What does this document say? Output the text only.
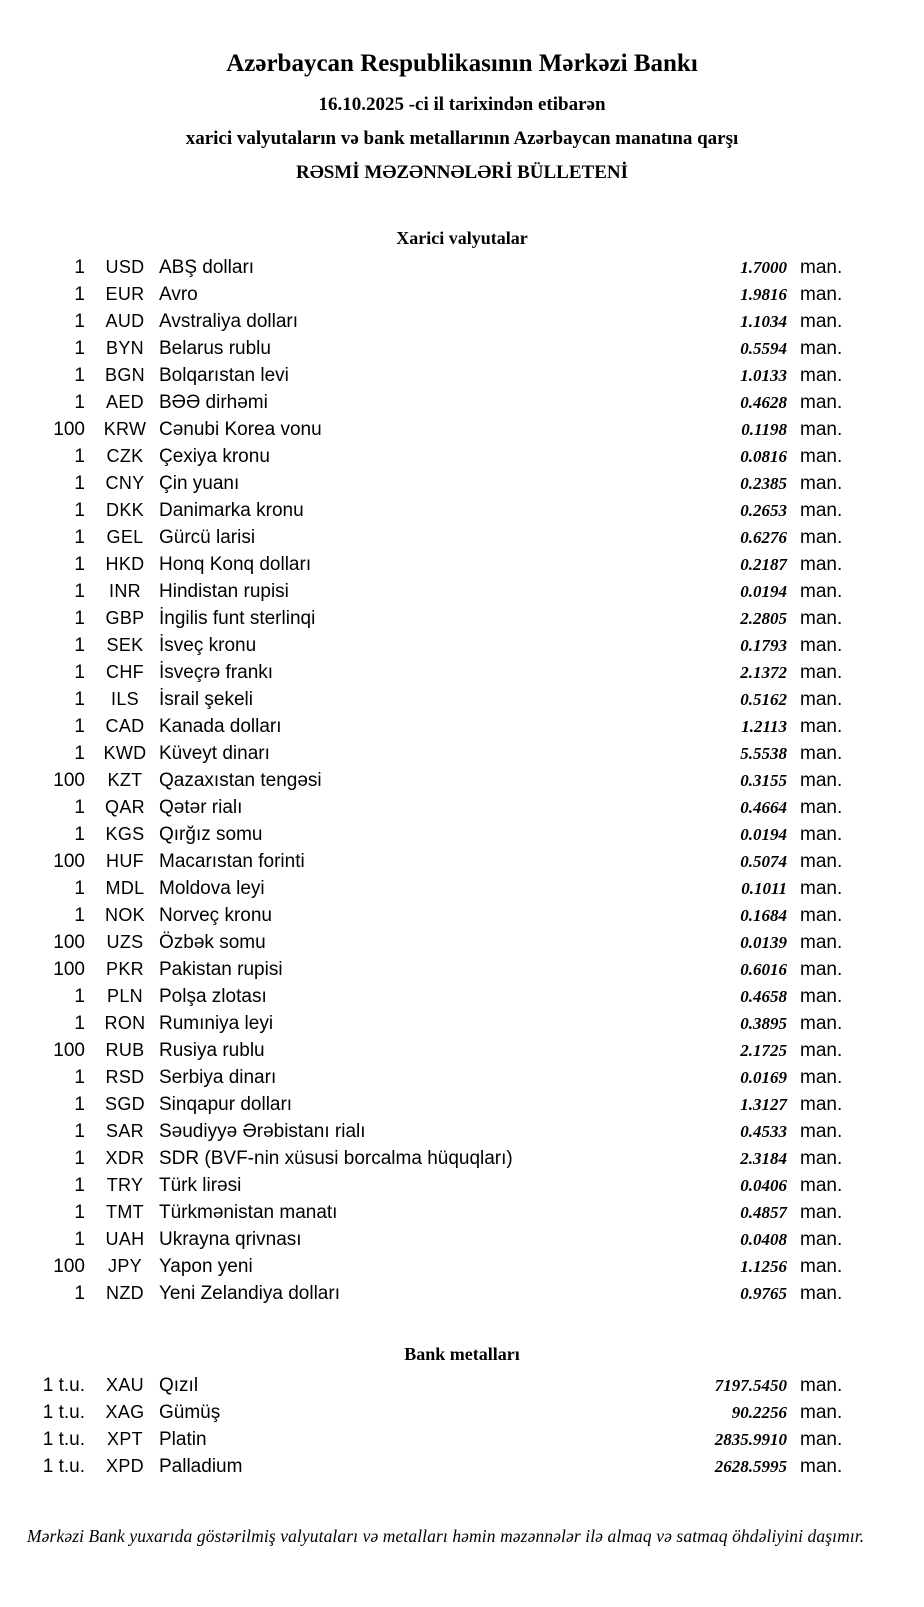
Azərbaycan Respublikasının Mərkəzi Bankı

16.10.2025 -ci il tarixindən etibarən

xarici valyutaların və bank metallarının Azərbaycan manatına qarşı

RƏSMİ MƏZƏNNƏLƏRİ BÜLLETENİ

Xarici valyutalar
1	USD ABŞ dolları	1.7000 man.
1	EUR Avro	1.9816 man.
1	AUD Avstraliya dolları	1.1034 man.
1	BYN Belarus rublu	0.5594 man.
1	BGN Bolqarıstan levi	1.0133 man.
1	AED BƏƏ dirhəmi	0.4628 man.
100	KRW Cənubi Korea vonu	0.1198 man.
1	CZK Çexiya kronu	0.0816 man.
1	CNY Çin yuanı	0.2385 man.
1	DKK Danimarka kronu	0.2653 man.
1	GEL Gürcü larisi	0.6276 man.
1	HKD Honq Konq dolları	0.2187 man.
1	INR Hindistan rupisi	0.0194 man.
1	GBP İngilis funt sterlinqi	2.2805 man.
1	SEK İsveç kronu	0.1793 man.
1	CHF İsveçrə frankı	2.1372 man.
1	ILS	İsrail şekeli	0.5162 man.
1	CAD Kanada dolları	1.2113 man.
1	KWD Küveyt dinarı	5.5538 man.
100	KZT Qazaxıstan tengəsi	0.3155 man.
1	QAR Qətər rialı	0.4664 man.
1	KGS Qırğız somu	0.0194 man.
100	HUF Macarıstan forinti	0.5074 man.
1	MDL Moldova leyi	0.1011 man.
1	NOK Norveç kronu	0.1684 man.
100	UZS Özbək somu	0.0139 man.
100	PKR Pakistan rupisi	0.6016 man.
1	PLN Polşa zlotası	0.4658 man.
1	RON Rumıniya leyi	0.3895 man.
100	RUB Rusiya rublu	2.1725 man.
1	RSD Serbiya dinarı	0.0169 man.
1	SGD Sinqapur dolları	1.3127 man.
1	SAR Səudiyyə Ərəbistanı rialı	0.4533 man.
1	XDR SDR (BVF-nin xüsusi borcalma hüquqları)	2.3184 man.
1	TRY Türk lirəsi	0.0406 man.
1	TMT Türkmənistan manatı	0.4857 man.
1	UAH Ukrayna qrivnası	0.0408 man.
100	JPY Yapon yeni	1.1256 man.
1	NZD Yeni Zelandiya dolları	0.9765 man.
Bank metalları
1 t.u.	XAU Qızıl	7197.5450 man.
1 t.u.	XAG Gümüş	90.2256 man.
1 t.u.	XPT Platin	2835.9910 man.
1 t.u.	XPD Palladium	2628.5995 man.

Mərkəzi Bank yuxarıda göstərilmiş valyutaları və metalları həmin məzənnələr ilə almaq və satmaq öhdəliyini daşımır.
